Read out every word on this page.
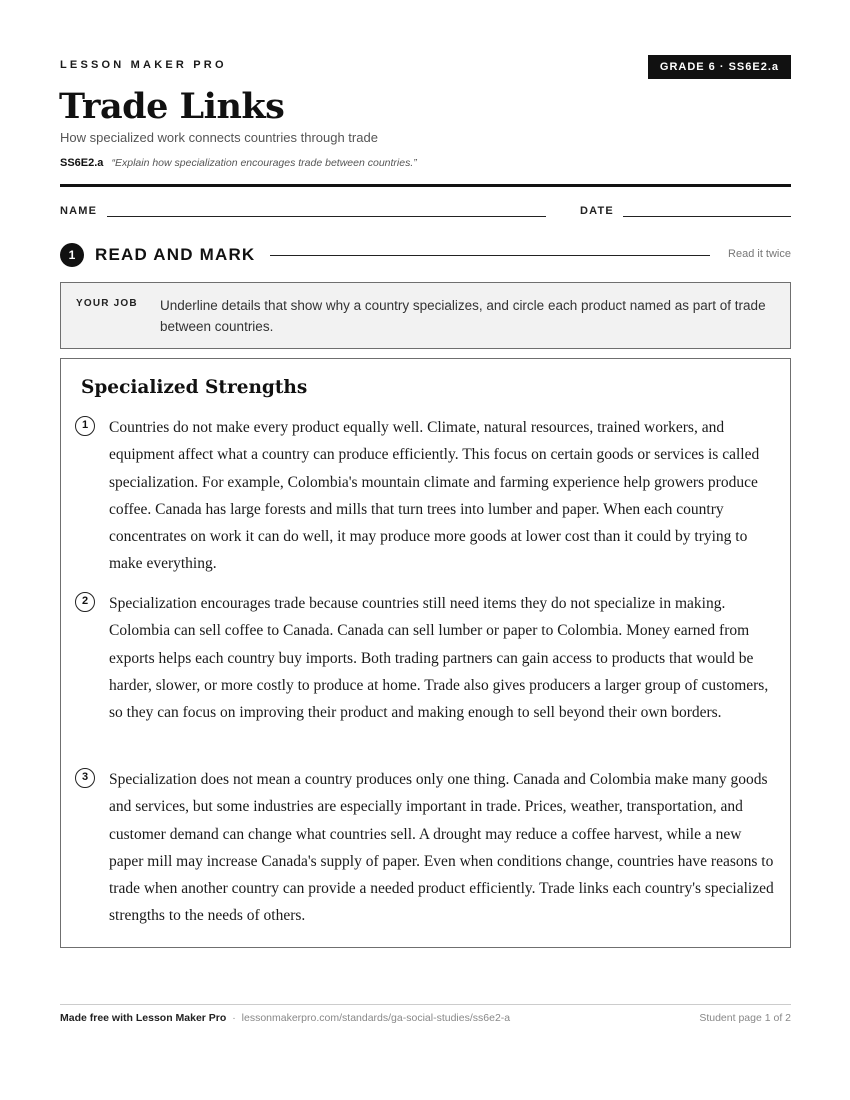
LESSON MAKER PRO	GRADE 6 · SS6E2.a
Trade Links
How specialized work connects countries through trade
SS6E2.a “Explain how specialization encourages trade between countries.”
NAME	DATE
1	READ AND MARK	Read it twice
YOUR JOB Underline details that show why a country specializes, and circle each product named as part of trade between countries.
Specialized Strengths
1	Countries do not make every product equally well. Climate, natural resources, trained workers, and equipment affect what a country can produce efficiently. This focus on certain goods or services is called specialization. For example, Colombia's mountain climate and farming experience help growers produce coffee. Canada has large forests and mills that turn trees into lumber and paper. When each country concentrates on work it can do well, it may produce more goods at lower cost than it could by trying to make everything.
2	Specialization encourages trade because countries still need items they do not specialize in making. Colombia can sell coffee to Canada. Canada can sell lumber or paper to Colombia. Money earned from exports helps each country buy imports. Both trading partners can gain access to products that would be harder, slower, or more costly to produce at home. Trade also gives producers a larger group of customers, so they can focus on improving their product and making enough to sell beyond their own borders.
3	Specialization does not mean a country produces only one thing. Canada and Colombia make many goods and services, but some industries are especially important in trade. Prices, weather, transportation, and customer demand can change what countries sell. A drought may reduce a coffee harvest, while a new paper mill may increase Canada's supply of paper. Even when conditions change, countries have reasons to trade when another country can provide a needed product efficiently. Trade links each country's specialized strengths to the needs of others.
Made free with Lesson Maker Pro · lessonmakerpro.com/standards/ga-social-studies/ss6e2-a	Student page 1 of 2
